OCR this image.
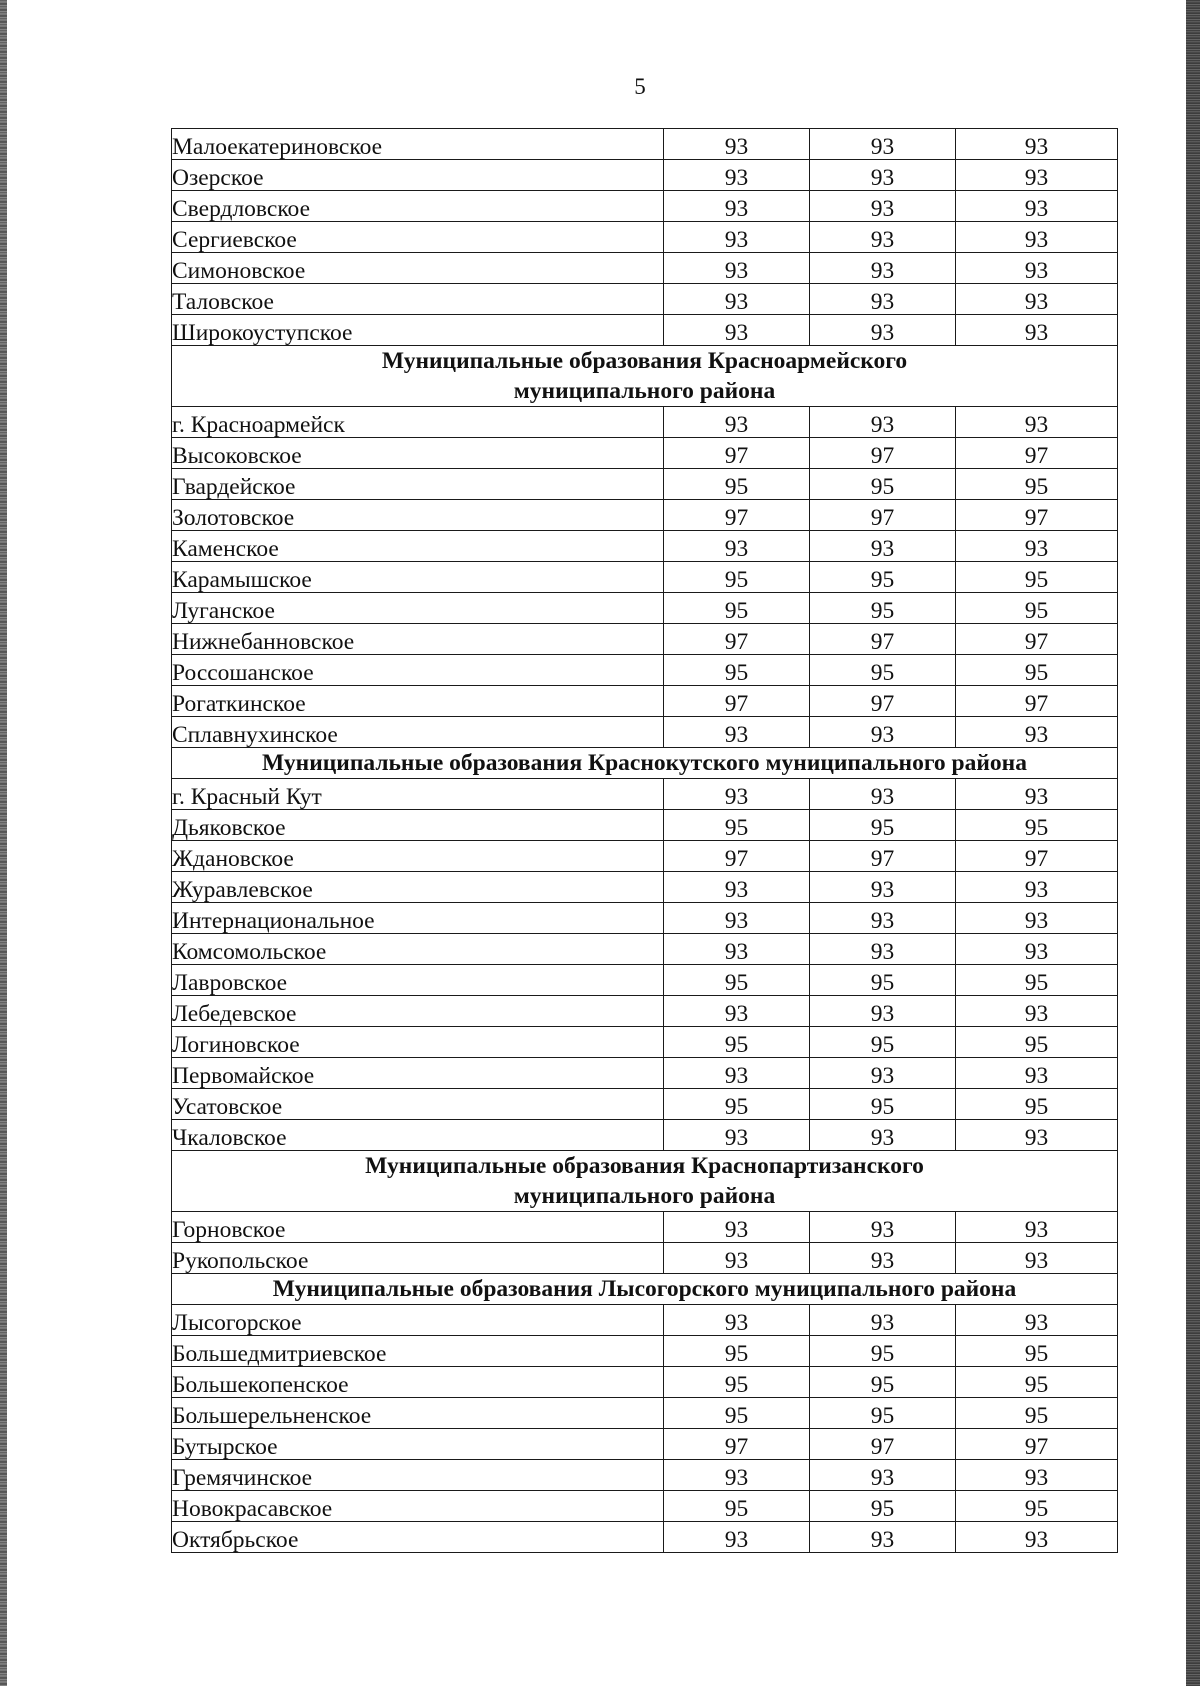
5
Малоекатериновское	93	93	93
Озерское	93	93	93
Свердловское	93	93	93
Сергиевское	93	93	93
Симоновское	93	93	93
Таловское	93	93	93
Широкоуступское	93	93	93

Муниципальные образования Красноармейского
муниципального района			

г. Красноармейск	93	93	93
Высоковское	97	97	97
Гвардейское	95	95	95
Золотовское	97	97	97
Каменское	93	93	93
Карамышское	95	95	95
Луганское	95	95	95
Нижнебанновское	97	97	97
Россошанское	95	95	95
Рогаткинское	97	97	97
Сплавнухинское	93	93	93

Муниципальные образования Краснокутского муниципального района			

г. Красный Кут	93	93	93
Дьяковское	95	95	95
Ждановское	97	97	97
Журавлевское	93	93	93
Интернациональное	93	93	93
Комсомольское	93	93	93
Лавровское	95	95	95
Лебедевское	93	93	93
Логиновское	95	95	95
Первомайское	93	93	93
Усатовское	95	95	95
Чкаловское	93	93	93

Муниципальные образования Краснопартизанского
муниципального района			

Горновское	93	93	93
Рукопольское	93	93	93

Муниципальные образования Лысогорского муниципального района			

Лысогорское	93	93	93
Большедмитриевское	95	95	95
Большекопенское	95	95	95
Большерельненское	95	95	95
Бутырское	97	97	97
Гремячинское	93	93	93
Новокрасавское	95	95	95
Октябрьское	93	93	93
